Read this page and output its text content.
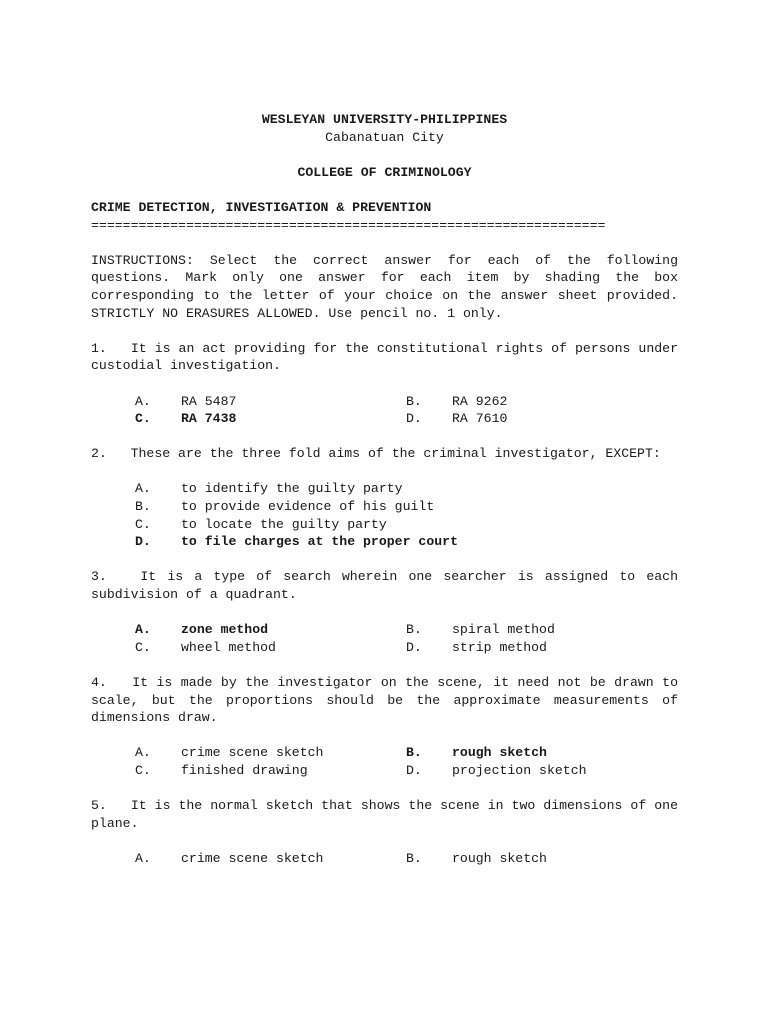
WESLEYAN UNIVERSITY-PHILIPPINES

Cabanatuan City

COLLEGE OF CRIMINOLOGY

CRIME DETECTION, INVESTIGATION & PREVENTION

=================================================================

INSTRUCTIONS: Select the correct answer for each of the following questions. Mark only one answer for each item by shading the box corresponding to the letter of your choice on the answer sheet provided. STRICTLY NO ERASURES ALLOWED. Use pencil no. 1 only.

1. It is an act providing for the constitutional rights of persons under custodial investigation.

A.	RA 5487	B.	RA 9262
C.	RA 7438	D.	RA 7610

2. These are the three fold aims of the criminal investigator, EXCEPT:

A.	to identify the guilty party
B.	to provide evidence of his guilt
C.	to locate the guilty party
D.	to file charges at the proper court

3.	It is a type of search wherein one searcher is assigned to each subdivision of a quadrant.

A.	zone method	B.	spiral method
C.	wheel method	D.	strip method

4. It is made by the investigator on the scene, it need not be drawn to scale, but the proportions should be the approximate measurements of dimensions draw.

A.	crime scene sketch	B.	rough sketch
C.	finished drawing	D.	projection sketch

5. It is the normal sketch that shows the scene in two dimensions of one plane.

A.	crime scene sketch	B.	rough sketch
